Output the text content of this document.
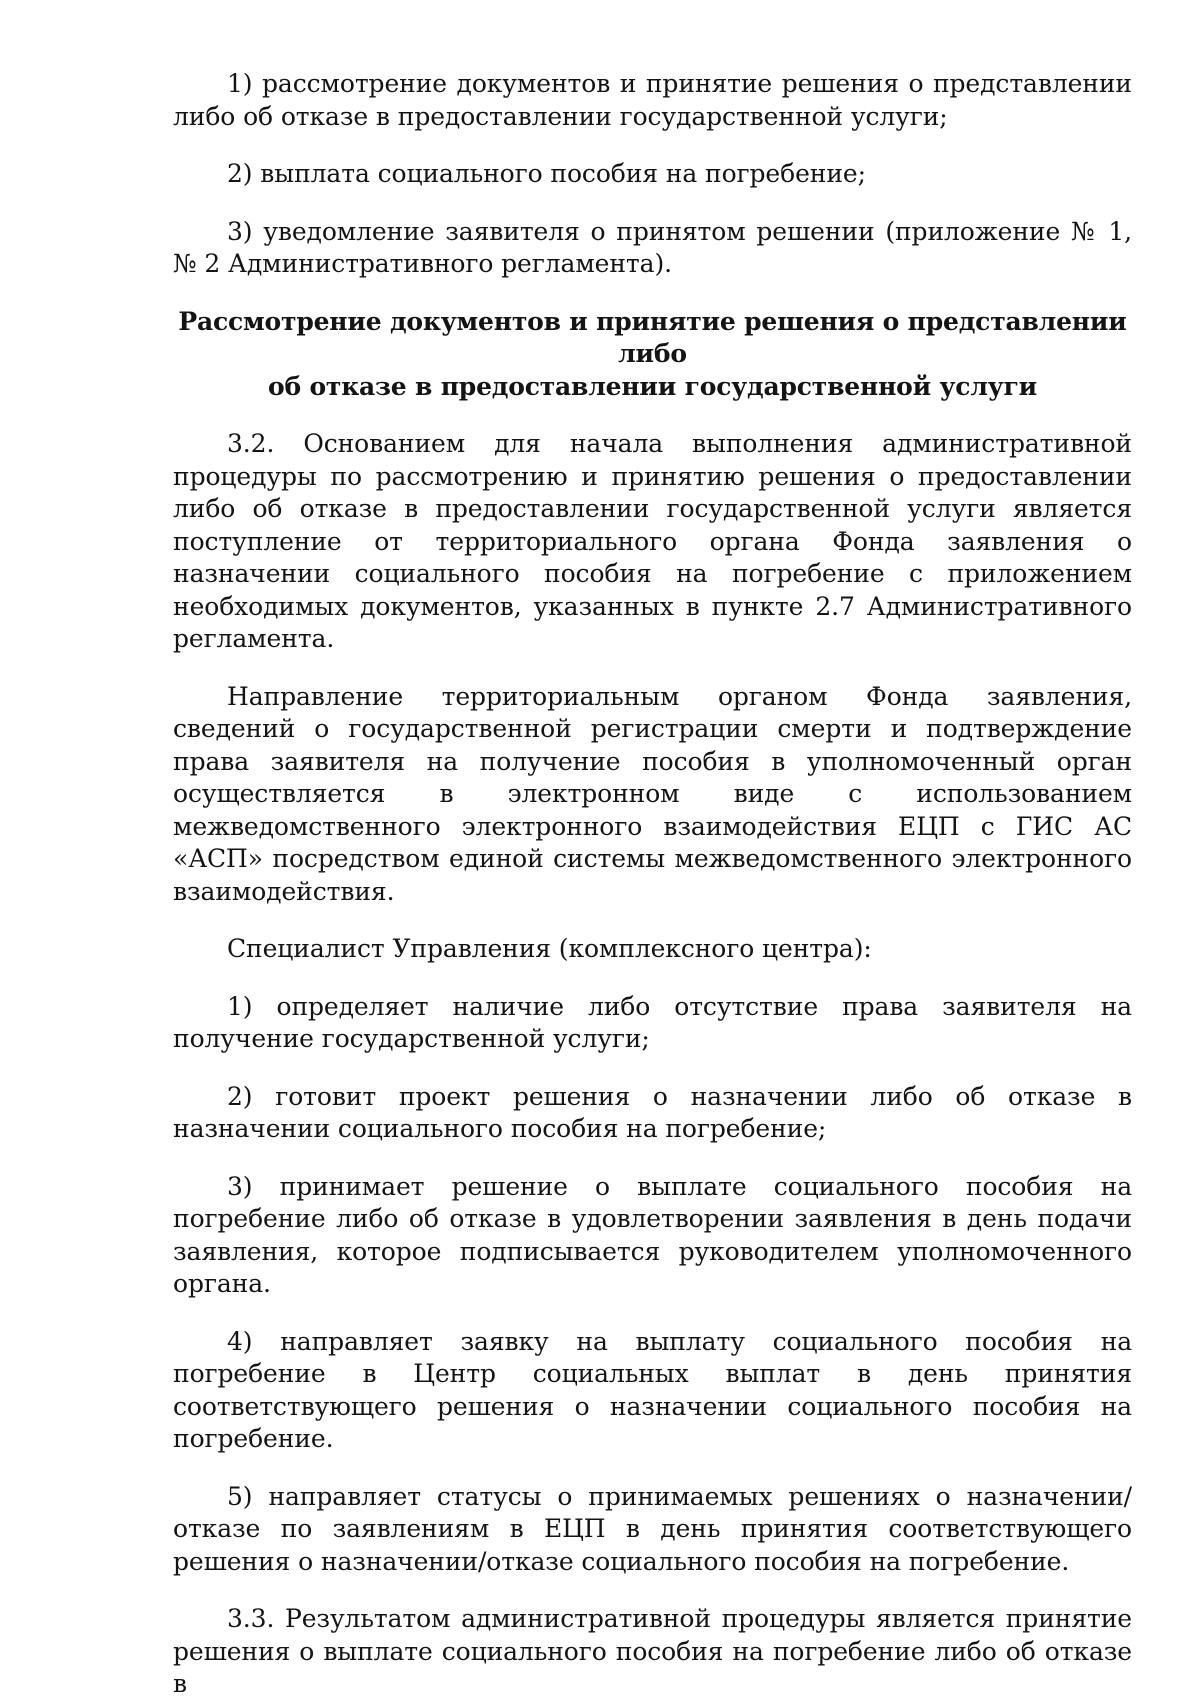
1) рассмотрение документов и принятие решения о представлении либо об отказе в предоставлении государственной услуги;

2) выплата социального пособия на погребение;

3) уведомление заявителя о принятом решении (приложение № 1, № 2 Административного регламента).

Рассмотрение документов и принятие решения о представлении либо
об отказе в предоставлении государственной услуги

3.2. Основанием для начала выполнения административной процедуры по рассмотрению и принятию решения о предоставлении либо об отказе в предоставлении государственной услуги является поступление от территориального органа Фонда заявления о назначении социального пособия на погребение с приложением необходимых документов, указанных в пункте 2.7 Административного регламента.

Направление территориальным органом Фонда заявления, сведений о государственной регистрации смерти и подтверждение права заявителя на получение пособия в уполномоченный орган осуществляется в электронном виде с использованием межведомственного электронного взаимодействия ЕЦП с ГИС АС «АСП» посредством единой системы межведомственного электронного взаимодействия.

Специалист Управления (комплексного центра):

1) определяет наличие либо отсутствие права заявителя на получение государственной услуги;

2) готовит проект решения о назначении либо об отказе в назначении социального пособия на погребение;

3) принимает решение о выплате социального пособия на погребение либо об отказе в удовлетворении заявления в день подачи заявления, которое подписывается руководителем уполномоченного органа.

4) направляет заявку на выплату социального пособия на погребение в Центр социальных выплат в день принятия соответствующего решения о назначении социального пособия на погребение.

5) направляет статусы о принимаемых решениях о назначении/отказе по заявлениям в ЕЦП в день принятия соответствующего решения о назначении/отказе социального пособия на погребение.

3.3. Результатом административной процедуры является принятие решения о выплате социального пособия на погребение либо об отказе в
